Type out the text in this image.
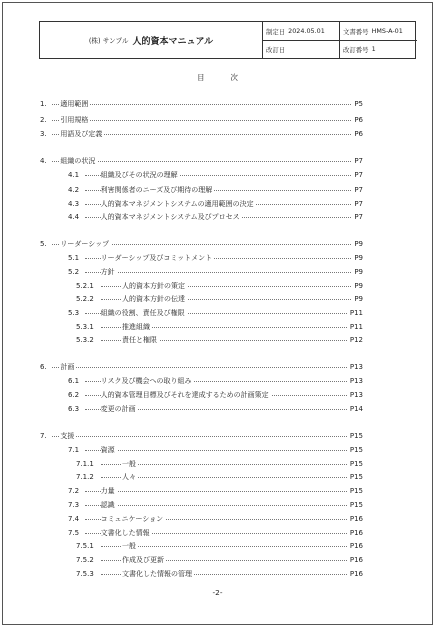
(株) サンプル 人的資本マニュアル
制定日 2024.05.01	文書番号 HMS-A-01
改訂日	改訂番号 1
目次
1. 適用範囲	P5
2. 引用規格	P6
3. 用語及び定義	P6
4. 組織の状況	P7
4.1	組織及びその状況の理解	P7
4.2	利害関係者のニーズ及び期待の理解	P7
4.3	人的資本マネジメントシステムの適用範囲の決定	P7
4.4	人的資本マネジメントシステム及びプロセス	P7
5. リーダーシップ	P9
5.1	リーダーシップ及びコミットメント	P9
5.2	方針	P9
5.2.1	人的資本方針の策定	P9
5.2.2	人的資本方針の伝達	P9
5.3	組織の役割、責任及び権限	P11
5.3.1	推進組織	P11
5.3.2	責任と権限	P12
6. 計画	P13
6.1	リスク及び機会への取り組み	P13
6.2	人的資本管理目標及びそれを達成するための計画策定	P13
6.3	変更の計画	P14
7. 支援	P15
7.1	資源	P15
7.1.1	一般	P15
7.1.2	人々	P15
7.2	力量	P15
7.3	認識	P15
7.4	コミュニケーション	P16
7.5	文書化した情報	P16
7.5.1	一般	P16
7.5.2	作成及び更新	P16
7.5.3	文書化した情報の管理	P16
-2-
